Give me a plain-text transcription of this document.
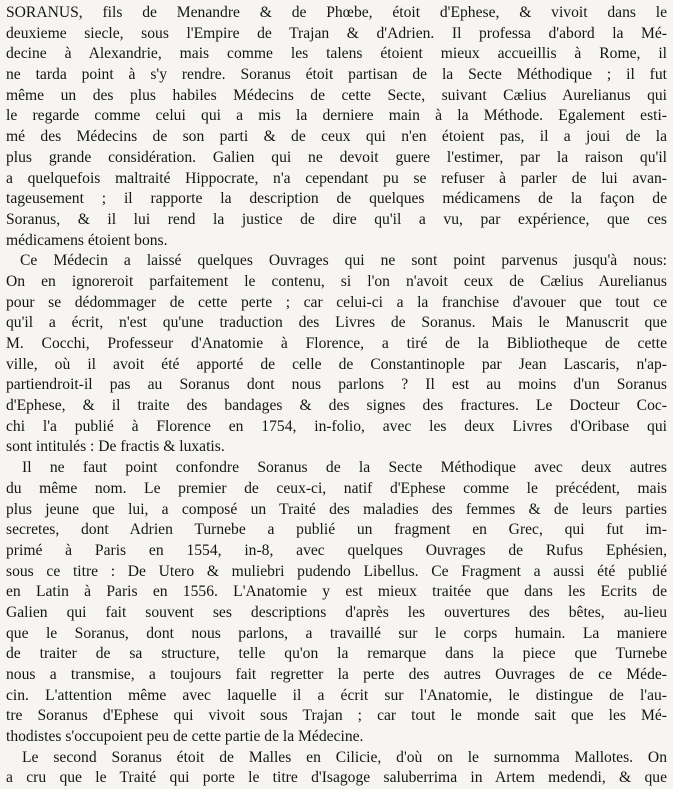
SORANUS, fils de Menandre & de Phœbe, étoit d'Ephese, & vivoit dans le
deuxieme siecle, sous l'Empire de Trajan & d'Adrien. Il professa d'abord la Mé-
decine à Alexandrie, mais comme les talens étoient mieux accueillis à Rome, il
ne tarda point à s'y rendre. Soranus étoit partisan de la Secte Méthodique ; il fut
même un des plus habiles Médecins de cette Secte, suivant Cælius Aurelianus qui
le regarde comme celui qui a mis la derniere main à la Méthode. Egalement esti-
mé des Médecins de son parti & de ceux qui n'en étoient pas, il a joui de la
plus grande considération. Galien qui ne devoit guere l'estimer, par la raison qu'il
a quelquefois maltraité Hippocrate, n'a cependant pu se refuser à parler de lui avan-
tageusement ; il rapporte la description de quelques médicamens de la façon de
Soranus, & il lui rend la justice de dire qu'il a vu, par expérience, que ces
médicamens étoient bons.
Ce Médecin a laissé quelques Ouvrages qui ne sont point parvenus jusqu'à nous:
On en ignoreroit parfaitement le contenu, si l'on n'avoit ceux de Cælius Aurelianus
pour se dédommager de cette perte ; car celui-ci a la franchise d'avouer que tout ce
qu'il a écrit, n'est qu'une traduction des Livres de Soranus. Mais le Manuscrit que
M. Cocchi, Professeur d'Anatomie à Florence, a tiré de la Bibliotheque de cette
ville, où il avoit été apporté de celle de Constantinople par Jean Lascaris, n'ap-
partiendroit-il pas au Soranus dont nous parlons ? Il est au moins d'un Soranus
d'Ephese, & il traite des bandages & des signes des fractures. Le Docteur Coc-
chi l'a publié à Florence en 1754, in-folio, avec les deux Livres d'Oribase qui
sont intitulés : De fractis & luxatis.
Il ne faut point confondre Soranus de la Secte Méthodique avec deux autres
du même nom. Le premier de ceux-ci, natif d'Ephese comme le précédent, mais
plus jeune que lui, a composé un Traité des maladies des femmes & de leurs parties
secretes, dont Adrien Turnebe a publié un fragment en Grec, qui fut im-
primé à Paris en 1554, in-8, avec quelques Ouvrages de Rufus Ephésien,
sous ce titre : De Utero & muliebri pudendo Libellus. Ce Fragment a aussi été publié
en Latin à Paris en 1556. L'Anatomie y est mieux traitée que dans les Ecrits de
Galien qui fait souvent ses descriptions d'après les ouvertures des bêtes, au-lieu
que le Soranus, dont nous parlons, a travaillé sur le corps humain. La maniere
de traiter de sa structure, telle qu'on la remarque dans la piece que Turnebe
nous a transmise, a toujours fait regretter la perte des autres Ouvrages de ce Méde-
cin. L'attention même avec laquelle il a écrit sur l'Anatomie, le distingue de l'au-
tre Soranus d'Ephese qui vivoit sous Trajan ; car tout le monde sait que les Mé-
thodistes s'occupoient peu de cette partie de la Médecine.
Le second Soranus étoit de Malles en Cilicie, d'où on le surnomma Mallotes. On
a cru que le Traité qui porte le titre d'Isagoge saluberrima in Artem medendi, & que
